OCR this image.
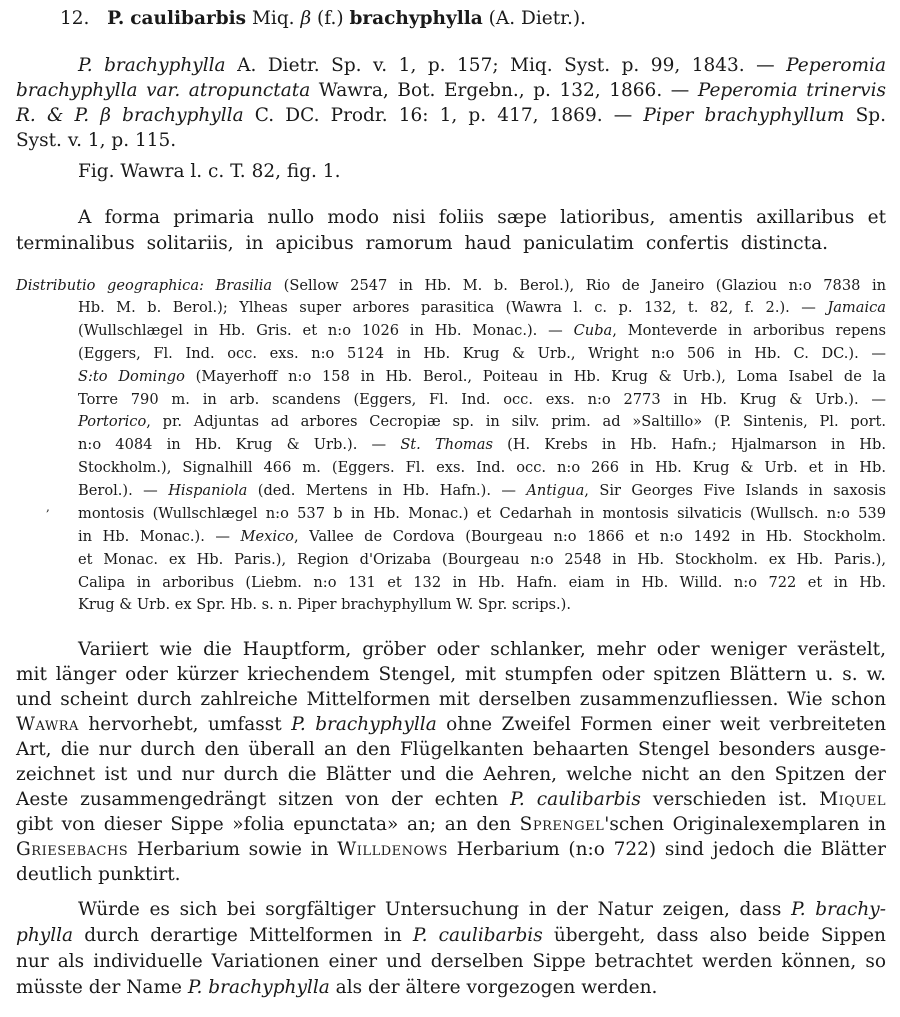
12. P. caulibarbis Miq. β (f.) brachyphylla (A. Dietr.).
P. brachyphylla A. Dietr. Sp. v. 1, p. 157; Miq. Syst. p. 99, 1843. — Peperomia
brachyphylla var. atropunctata Wawra, Bot. Ergebn., p. 132, 1866. — Peperomia trinervis
R. & P. β brachyphylla C. DC. Prodr. 16: 1, p. 417, 1869. — Piper brachyphyllum Sp.
Syst. v. 1, p. 115.
Fig. Wawra l. c. T. 82, fig. 1.
A forma primaria nullo modo nisi foliis sæpe latioribus, amentis axillaribus et
terminalibus solitariis, in apicibus ramorum haud paniculatim confertis distincta.
Distributio geographica: Brasilia (Sellow 2547 in Hb. M. b. Berol.), Rio de Janeiro (Glaziou n:o 7838 in
Hb. M. b. Berol.); Ylheas super arbores parasitica (Wawra l. c. p. 132, t. 82, f. 2.). — Jamaica
(Wullschlægel in Hb. Gris. et n:o 1026 in Hb. Monac.). — Cuba, Monteverde in arboribus repens
(Eggers, Fl. Ind. occ. exs. n:o 5124 in Hb. Krug & Urb., Wright n:o 506 in Hb. C. DC.). —
S:to Domingo (Mayerhoff n:o 158 in Hb. Berol., Poiteau in Hb. Krug & Urb.), Loma Isabel de la
Torre 790 m. in arb. scandens (Eggers, Fl. Ind. occ. exs. n:o 2773 in Hb. Krug & Urb.). —
Portorico, pr. Adjuntas ad arbores Cecropiæ sp. in silv. prim. ad »Saltillo» (P. Sintenis, Pl. port.
n:o 4084 in Hb. Krug & Urb.). — St. Thomas (H. Krebs in Hb. Hafn.; Hjalmarson in Hb.
Stockholm.), Signalhill 466 m. (Eggers. Fl. exs. Ind. occ. n:o 266 in Hb. Krug & Urb. et in Hb.
Berol.). — Hispaniola (ded. Mertens in Hb. Hafn.). — Antigua, Sir Georges Five Islands in saxosis
, montosis (Wullschlægel n:o 537 b in Hb. Monac.) et Cedarhah in montosis silvaticis (Wullsch. n:o 539
in Hb. Monac.). — Mexico, Vallee de Cordova (Bourgeau n:o 1866 et n:o 1492 in Hb. Stockholm.
et Monac. ex Hb. Paris.), Region d'Orizaba (Bourgeau n:o 2548 in Hb. Stockholm. ex Hb. Paris.),
Calipa in arboribus (Liebm. n:o 131 et 132 in Hb. Hafn. eiam in Hb. Willd. n:o 722 et in Hb.
Krug & Urb. ex Spr. Hb. s. n. Piper brachyphyllum W. Spr. scrips.).
Variiert wie die Hauptform, gröber oder schlanker, mehr oder weniger verästelt,
mit länger oder kürzer kriechendem Stengel, mit stumpfen oder spitzen Blättern u. s. w.
und scheint durch zahlreiche Mittelformen mit derselben zusammenzufliessen. Wie schon
Wawra hervorhebt, umfasst P. brachyphylla ohne Zweifel Formen einer weit verbreiteten
Art, die nur durch den überall an den Flügelkanten behaarten Stengel besonders ausge-
zeichnet ist und nur durch die Blätter und die Aehren, welche nicht an den Spitzen der
Aeste zusammengedrängt sitzen von der echten P. caulibarbis verschieden ist. Miquel
gibt von dieser Sippe »folia epunctata» an; an den Sprengel'schen Originalexemplaren in
Griesebachs Herbarium sowie in Willdenows Herbarium (n:o 722) sind jedoch die Blätter
deutlich punktirt.
Würde es sich bei sorgfältiger Untersuchung in der Natur zeigen, dass P. brachy-
phylla durch derartige Mittelformen in P. caulibarbis übergeht, dass also beide Sippen
nur als individuelle Variationen einer und derselben Sippe betrachtet werden können, so
müsste der Name P. brachyphylla als der ältere vorgezogen werden.
